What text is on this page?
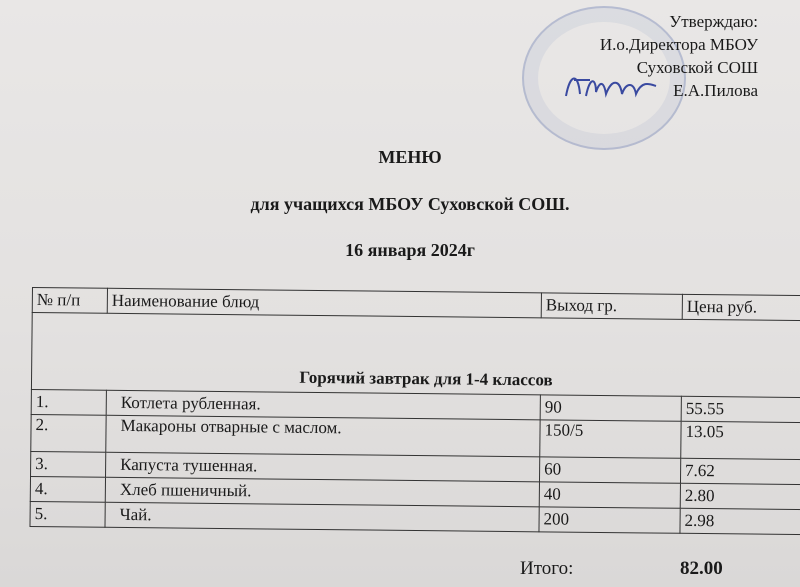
Утверждаю:
И.о.Директора МБОУ
Суховской СОШ
Е.А.Пилова
МЕНЮ
для учащихся МБОУ Суховской СОШ.
16 января 2024г
№ п/п	Наименование блюд	Выход гр.	Цена руб.
Горячий завтрак для 1-4 классов			
1.	Котлета рубленная.	90	55.55
2.	Макароны отварные с маслом.	150/5	13.05
3.	Капуста тушенная.	60	7.62
4.	Хлеб пшеничный.	40	2.80
5.	Чай.	200	2.98
Итого:	82.00
